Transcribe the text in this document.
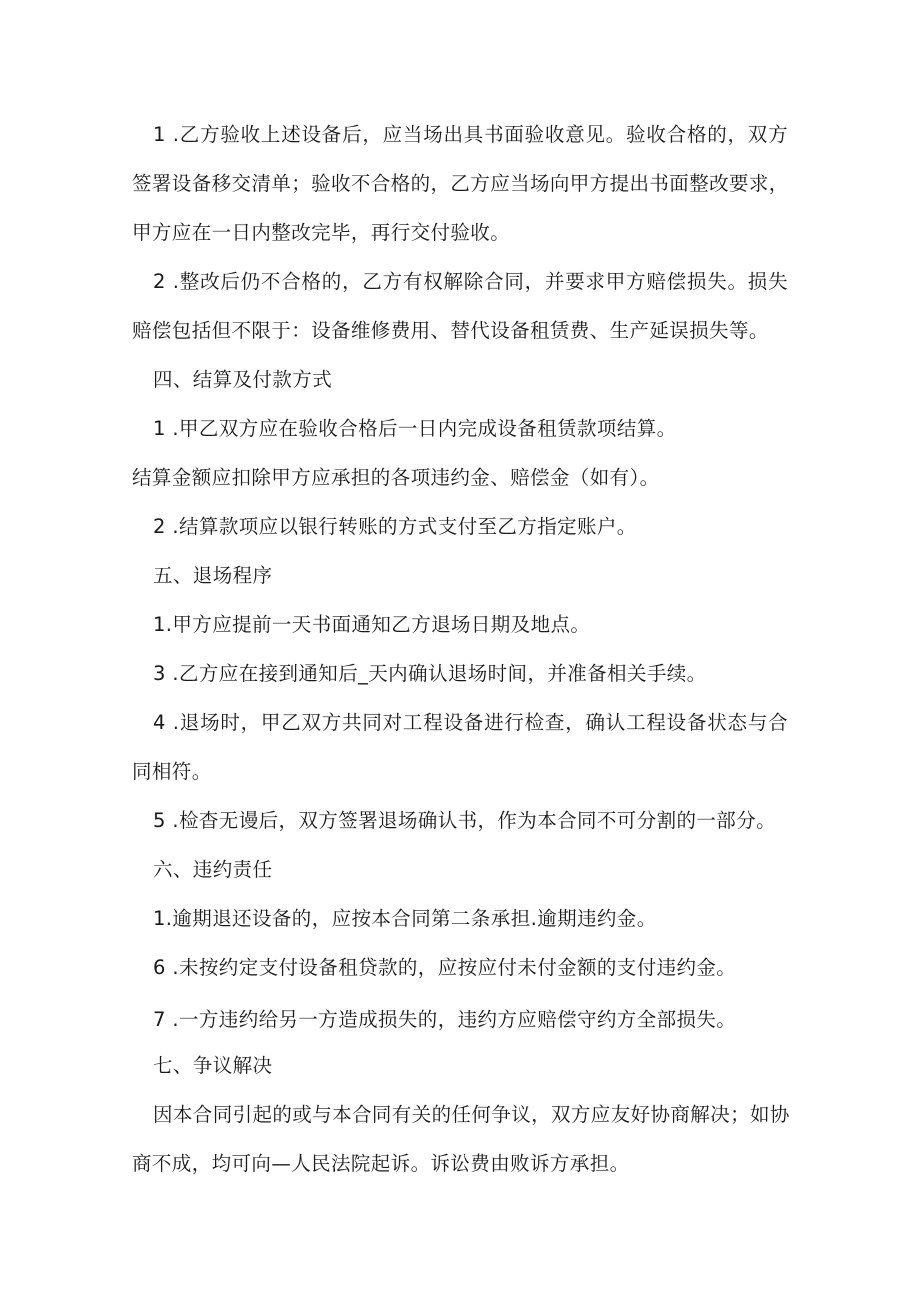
1 .乙方验收上述设备后，应当场出具书面验收意见。验收合格的，双方
签署设备移交清单；验收不合格的，乙方应当场向甲方提出书面整改要求，
甲方应在一日内整改完毕，再行交付验收。
2 .整改后仍不合格的，乙方有权解除合同，并要求甲方赔偿损失。损失
赔偿包括但不限于：设备维修费用、替代设备租赁费、生产延误损失等。
四、结算及付款方式
1 .甲乙双方应在验收合格后一日内完成设备租赁款项结算。
结算金额应扣除甲方应承担的各项违约金、赔偿金（如有）。
2 .结算款项应以银行转账的方式支付至乙方指定账户。
五、退场程序
1.甲方应提前一天书面通知乙方退场日期及地点。
3 .乙方应在接到通知后_天内确认退场时间，并准备相关手续。
4 .退场时，甲乙双方共同对工程设备进行检查，确认工程设备状态与合
同相符。
5 .检杳无谩后，双方签署退场确认书，作为本合同不可分割的一部分。
六、违约责任
1.逾期退还设备的，应按本合同第二条承担.逾期违约金。
6 .未按约定支付设备租贷款的，应按应付未付金额的支付违约金。
7 .一方违约给另一方造成损失的，违约方应赔偿守约方全部损失。
七、争议解决
因本合同引起的或与本合同有关的任何争议，双方应友好协商解决；如协
商不成，均可向—人民法院起诉。诉讼费由败诉方承担。
